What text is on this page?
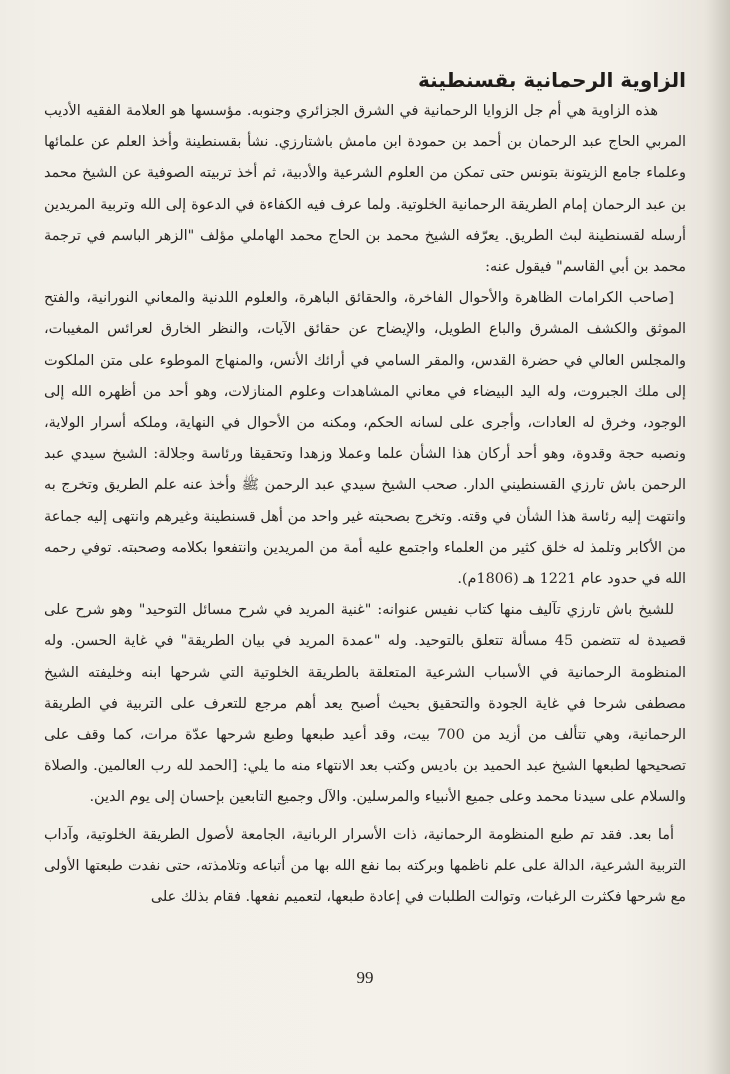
الزاوية الرحمانية بقسنطينة

هذه الزاوية هي أم جل الزوايا الرحمانية في الشرق الجزائري وجنوبه. مؤسسها هو العلامة الفقيه الأديب المربي الحاج عبد الرحمان بن أحمد بن حمودة ابن مامش باشتارزي. نشأ بقسنطينة وأخذ العلم عن علمائها وعلماء جامع الزيتونة بتونس حتى تمكن من العلوم الشرعية والأدبية، ثم أخذ تربيته الصوفية عن الشيخ محمد بن عبد الرحمان إمام الطريقة الرحمانية الخلوتية. ولما عرف فيه الكفاءة في الدعوة إلى الله وتربية المريدين أرسله لقسنطينة لبث الطريق. يعرّفه الشيخ محمد بن الحاج محمد الهاملي مؤلف "الزهر الباسم في ترجمة محمد بن أبي القاسم" فيقول عنه:

[صاحب الكرامات الظاهرة والأحوال الفاخرة، والحقائق الباهرة، والعلوم اللدنية والمعاني النورانية، والفتح الموثق والكشف المشرق والباع الطويل، والإيضاح عن حقائق الآيات، والنظر الخارق لعرائس المغيبات، والمجلس العالي في حضرة القدس، والمقر السامي في أرائك الأنس، والمنهاج الموطوء على متن الملكوت إلى ملك الجبروت، وله اليد البيضاء في معاني المشاهدات وعلوم المنازلات، وهو أحد من أظهره الله إلى الوجود، وخرق له العادات، وأجرى على لسانه الحكم، ومكنه من الأحوال في النهاية، وملكه أسرار الولاية، ونصبه حجة وقدوة، وهو أحد أركان هذا الشأن علما وعملا وزهدا وتحقيقا ورئاسة وجلالة: الشيخ سيدي عبد الرحمن باش تارزي القسنطيني الدار. صحب الشيخ سيدي عبد الرحمن ﷺ وأخذ عنه علم الطريق وتخرج به وانتهت إليه رئاسة هذا الشأن في وقته. وتخرج بصحبته غير واحد من أهل قسنطينة وغيرهم وانتهى إليه جماعة من الأكابر وتلمذ له خلق كثير من العلماء واجتمع عليه أمة من المريدين وانتفعوا بكلامه وصحبته. توفي رحمه الله في حدود عام 1221 هـ (1806م).

للشيخ باش تارزي تآليف منها كتاب نفيس عنوانه: "غنية المريد في شرح مسائل التوحيد" وهو شرح على قصيدة له تتضمن 45 مسألة تتعلق بالتوحيد. وله "عمدة المريد في بيان الطريقة" في غاية الحسن. وله المنظومة الرحمانية في الأسباب الشرعية المتعلقة بالطريقة الخلوتية التي شرحها ابنه وخليفته الشيخ مصطفى شرحا في غاية الجودة والتحقيق بحيث أصبح يعد أهم مرجع للتعرف على التربية في الطريقة الرحمانية، وهي تتألف من أزيد من 700 بيت، وقد أعيد طبعها وطبع شرحها عدّة مرات، كما وقف على تصحيحها لطبعها الشيخ عبد الحميد بن باديس وكتب بعد الانتهاء منه ما يلي: [الحمد لله رب العالمين. والصلاة والسلام على سيدنا محمد وعلى جميع الأنبياء والمرسلين. والآل وجميع التابعين بإحسان إلى يوم الدين.

أما بعد. فقد تم طبع المنظومة الرحمانية، ذات الأسرار الربانية، الجامعة لأصول الطريقة الخلوتية، وآداب التربية الشرعية، الدالة على علم ناظمها وبركته بما نفع الله بها من أتباعه وتلامذته، حتى نفدت طبعتها الأولى مع شرحها فكثرت الرغبات، وتوالت الطلبات في إعادة طبعها، لتعميم نفعها. فقام بذلك على

99
